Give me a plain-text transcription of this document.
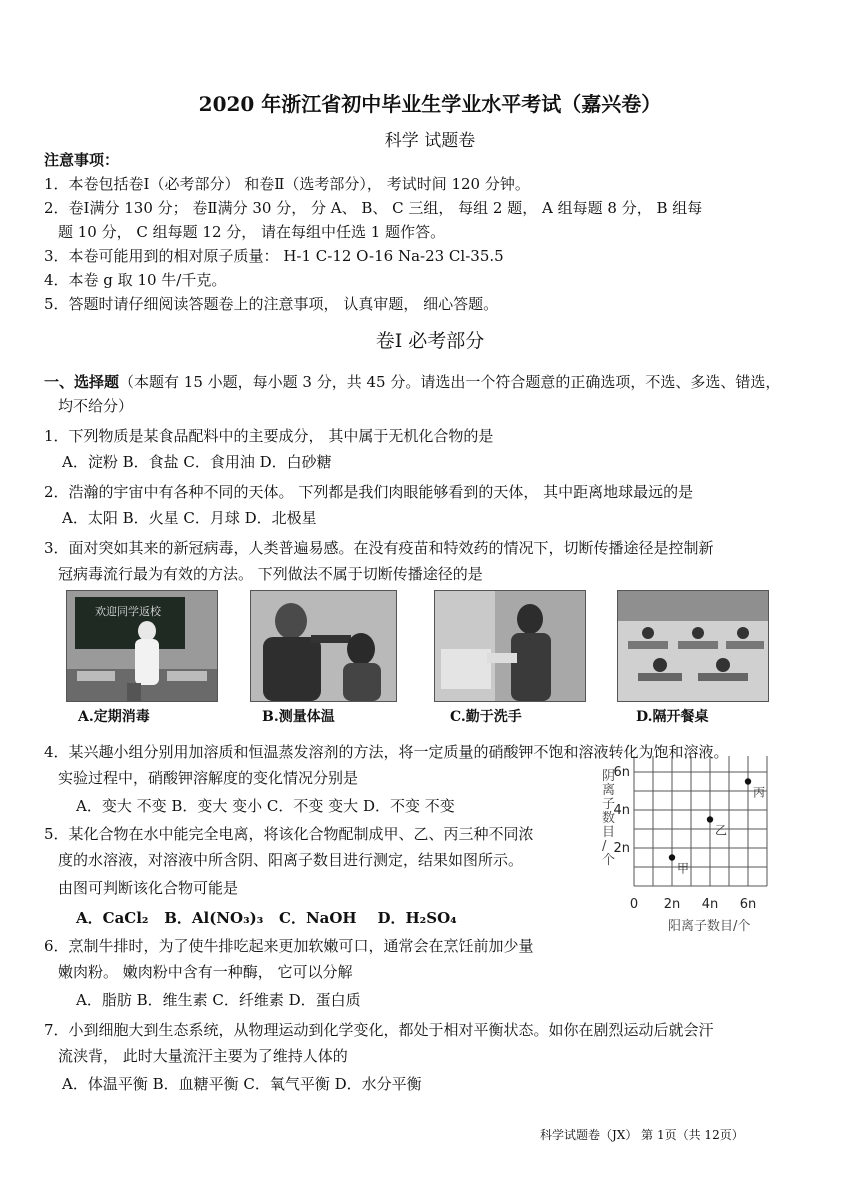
2020 年浙江省初中毕业生学业水平考试（嘉兴卷）
科学 试题卷
注意事项：
1．本卷包括卷Ⅰ（必考部分） 和卷Ⅱ（选考部分）， 考试时间 120 分钟。
2．卷Ⅰ满分 130 分； 卷Ⅱ满分 30 分， 分 A、 B、 C 三组， 每组 2 题， A 组每题 8 分， B 组每
题 10 分， C 组每题 12 分， 请在每组中任选 1 题作答。
3．本卷可能用到的相对原子质量： H-1 C-12 O-16 Na-23 Cl-35.5
4．本卷 g 取 10 牛/千克。
5．答题时请仔细阅读答题卷上的注意事项， 认真审题， 细心答题。
卷Ⅰ 必考部分
一、选择题（本题有 15 小题，每小题 3 分，共 45 分。请选出一个符合题意的正确选项，不选、多选、错选，
均不给分）
1．下列物质是某食品配料中的主要成分， 其中属于无机化合物的是
A．淀粉 B．食盐 C．食用油 D．白砂糖
2．浩瀚的宇宙中有各种不同的天体。 下列都是我们肉眼能够看到的天体， 其中距离地球最远的是
A．太阳 B．火星 C．月球 D．北极星
3．面对突如其来的新冠病毒，人类普遍易感。在没有疫苗和特效药的情况下，切断传播途径是控制新
冠病毒流行最为有效的方法。 下列做法不属于切断传播途径的是
欢迎同学返校
A.定期消毒	B.测量体温	C.勤于洗手	D.隔开餐桌
4．某兴趣小组分别用加溶质和恒温蒸发溶剂的方法，将一定质量的硝酸钾不饱和溶液转化为饱和溶液。
实验过程中，硝酸钾溶解度的变化情况分别是
A．变大 不变 B．变大 变小 C．不变 变大 D．不变 不变
5．某化合物在水中能完全电离，将该化合物配制成甲、乙、丙三种不同浓
度的水溶液，对溶液中所含阴、阳离子数目进行测定，结果如图所示。
由图可判断该化合物可能是
A．CaCl₂ B．Al(NO₃)₃ C．NaOH D．H₂SO₄
0 2n 4n 6n
2n
4n
6n
甲
乙
丙
阴离子数目/个
阳离子数目/个
6．烹制牛排时，为了使牛排吃起来更加软嫩可口，通常会在烹饪前加少量
嫩肉粉。 嫩肉粉中含有一种酶， 它可以分解
A．脂肪 B．维生素 C．纤维素 D．蛋白质
7．小到细胞大到生态系统，从物理运动到化学变化，都处于相对平衡状态。如你在剧烈运动后就会汗
流浃背， 此时大量流汗主要为了维持人体的
A．体温平衡 B．血糖平衡 C．氧气平衡 D．水分平衡
科学试题卷（JX） 第 1页（共 12页）
